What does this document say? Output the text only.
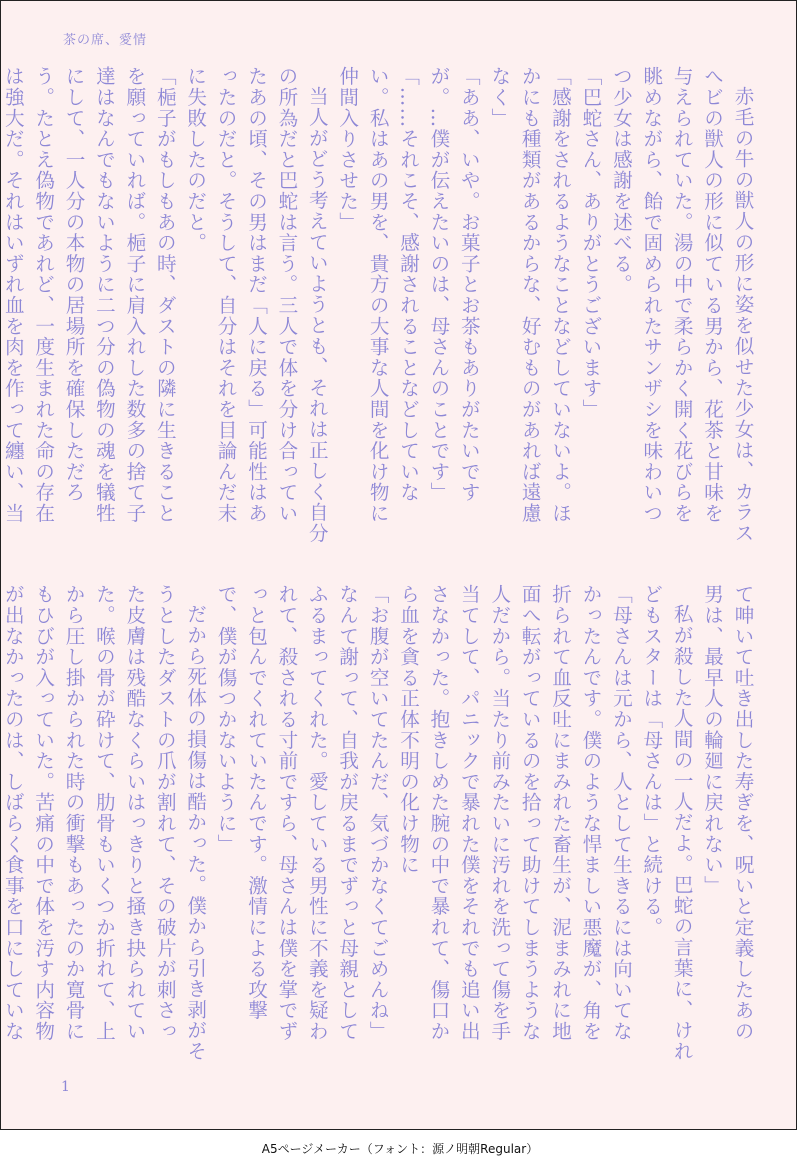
茶の席、愛情

赤毛の牛の獣人の形に姿を似せた少女は、カラスへビの獣人の形に似ている男から、花茶と甘味を与えられていた。湯の中で柔らかく開く花びらを眺めながら、飴で固められたサンザシを味わいつつ少女は感謝を述べる。

「巴蛇さん、ありがとうございます」

「感謝をされるようなことなどしていないよ。ほかにも種類があるからな、好むものがあれば遠慮なく」

「ああ、いや。お菓子とお茶もありがたいですが。…僕が伝えたいのは、母さんのことです」

「……それこそ、感謝されることなどしていない。私はあの男を、貴方の大事な人間を化け物に仲間入りさせた」

当人がどう考えていようとも、それは正しく自分の所為だと巴蛇は言う。三人で体を分け合っていたあの頃、その男はまだ「人に戻る」可能性はあったのだと。そうして、自分はそれを目論んだ末に失敗したのだと。

「梔子がもしもあの時、ダストの隣に生きることを願っていれば。梔子に肩入れした数多の捨て子達はなんでもないように二つ分の偽物の魂を犠牲にして、一人分の本物の居場所を確保しただろう。たとえ偽物であれど、一度生まれた命の存在は強大だ。それはいずれ血を肉を作って纏い、当

て呻いて吐き出した寿ぎを、呪いと定義したあの男は、最早人の輪廻に戻れない」

私が殺した人間の一人だよ。巴蛇の言葉に、けれどもスターは「母さんは」と続ける。

「母さんは元から、人として生きるには向いてなかったんです。僕のような悍ましい悪魔が、角を折られて血反吐にまみれた畜生が、泥まみれに地面へ転がっているのを拾って助けてしまうような人だから。当たり前みたいに汚れを洗って傷を手当てして、パニックで暴れた僕をそれでも追い出さなかった。抱きしめた腕の中で暴れて、傷口から血を貪る正体不明の化け物に

「お腹が空いてたんだ、気づかなくてごめんね」なんて謝って、自我が戻るまでずっと母親としてふるまってくれた。愛している男性に不義を疑われて、殺される寸前ですら、母さんは僕を掌でずっと包んでくれていたんです。激情による攻撃で、僕が傷つかないように」

だから死体の損傷は酷かった。僕から引き剥がそうとしたダストの爪が割れて、その破片が刺さった皮膚は残酷なくらいはっきりと掻き抉られていた。喉の骨が砕けて、肋骨もいくつか折れて、上から圧し掛かられた時の衝撃もあったのか寛骨にもひびが入っていた。苦痛の中で体を汚す内容物が出なかったのは、しばらく食事を口にしていな

1
A5ページメーカー（フォント：源ノ明朝Regular）
